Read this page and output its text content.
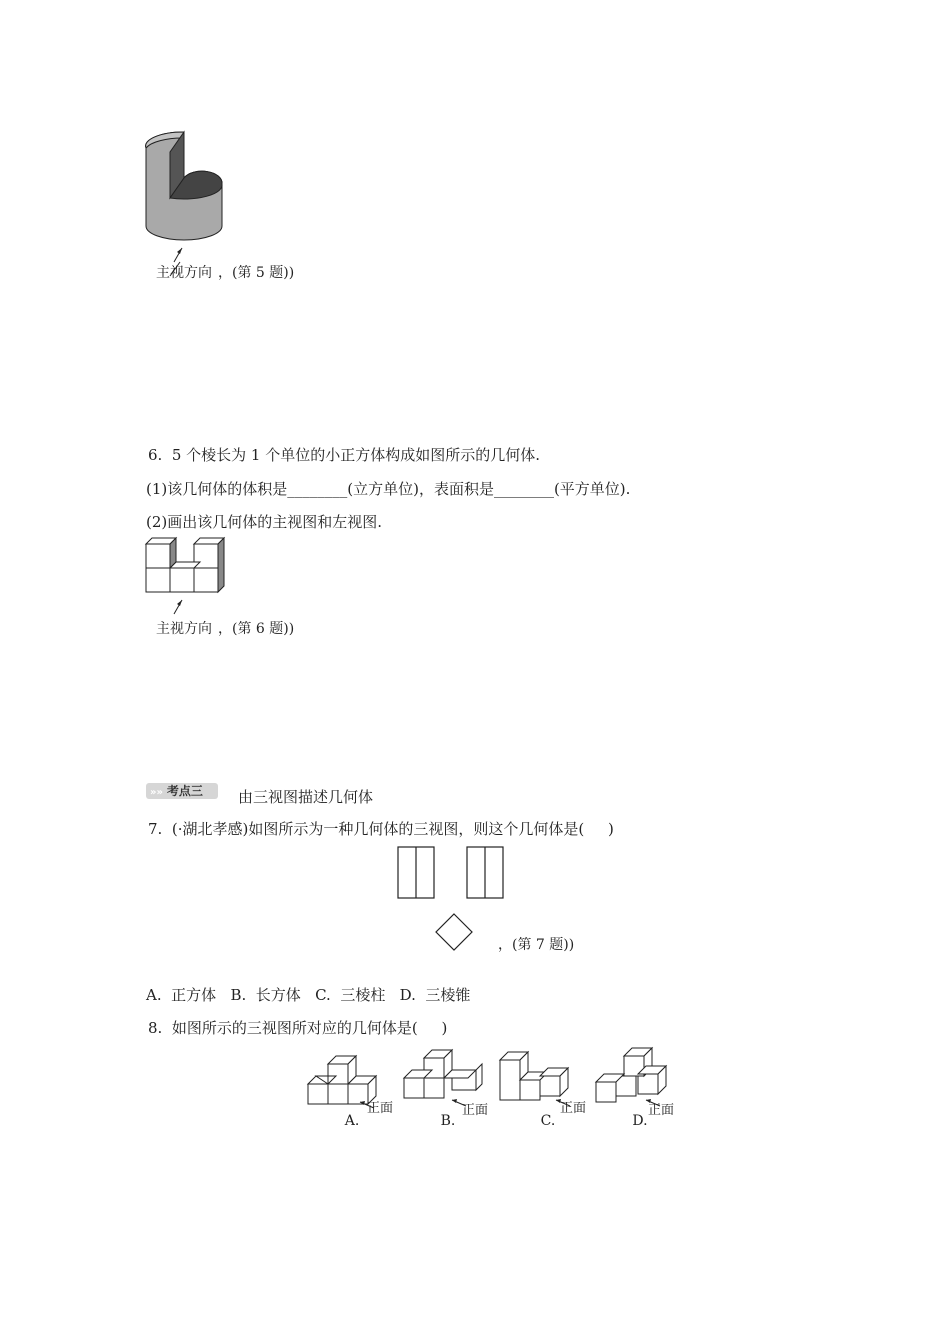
主视方向 ，(第 5 题))
6.  5 个棱长为 1 个单位的小正方体构成如图所示的几何体.
(1)该几何体的体积是________(立方单位)，表面积是________(平方单位).
(2)画出该几何体的主视图和左视图.
主视方向 ，(第 6 题))
»» 考点三	由三视图描述几何体
7.  (·湖北孝感)如图所示为一种几何体的三视图，则这个几何体是(     )
，(第 7 题))
A.  正方体   B.  长方体   C.  三棱柱   D.  三棱锥
8.  如图所示的三视图所对应的几何体是(     )
正面
A.
正面
B.
正面
C.
正面
D.
